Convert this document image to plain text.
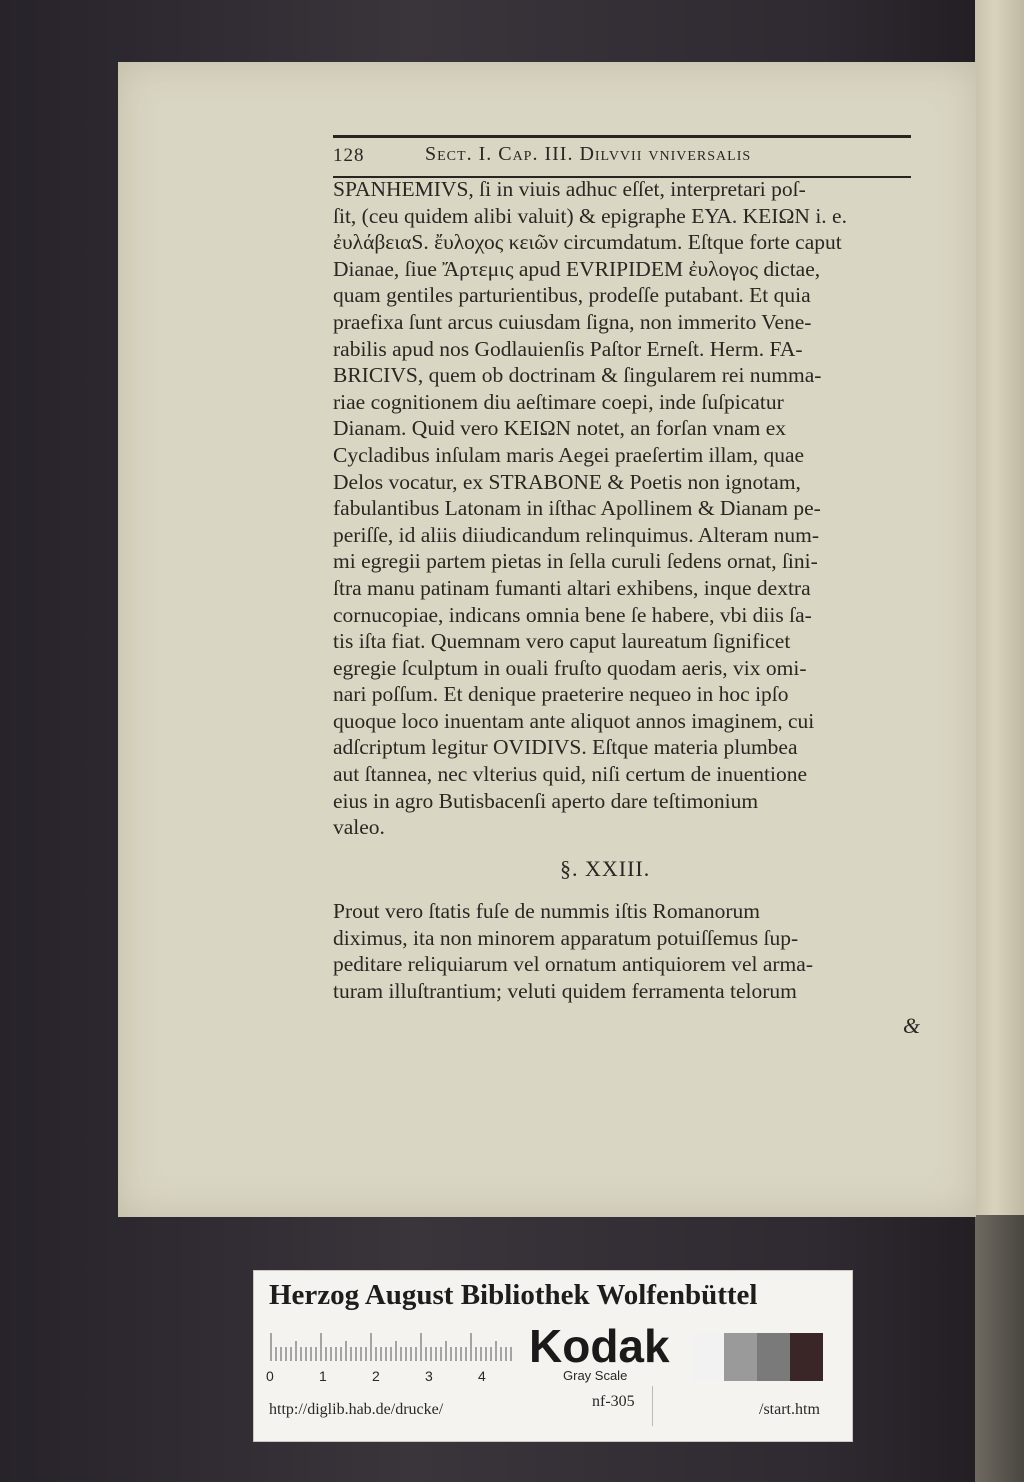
128	Sect. I. Cap. III. Dilvvii vniversalis
SPANHEMIVS, ſi in viuis adhuc eſſet, interpretari poſ-
ſit, (ceu quidem alibi valuit) & epigraphe ΕΥΑ. ΚΕΙΩΝ i. e.
ἐυλάβειαS. ἔυλοχος κειῶν circumdatum. Eſtque forte caput
Dianae, ſiue Ἄρτεμις apud EVRIPIDEM ἐυλογος dictae,
quam gentiles parturientibus, prodeſſe putabant. Et quia
praefixa ſunt arcus cuiusdam ſigna, non immerito Vene-
rabilis apud nos Godlauienſis Paſtor Erneſt. Herm. FA-
BRICIVS, quem ob doctrinam & ſingularem rei numma-
riae cognitionem diu aeſtimare coepi, inde ſuſpicatur
Dianam. Quid vero ΚΕΙΩΝ notet, an forſan vnam ex
Cycladibus inſulam maris Aegei praeſertim illam, quae
Delos vocatur, ex STRABONE & Poetis non ignotam,
fabulantibus Latonam in iſthac Apollinem & Dianam pe-
periſſe, id aliis diiudicandum relinquimus. Alteram num-
mi egregii partem pietas in ſella curuli ſedens ornat, ſini-
ſtra manu patinam fumanti altari exhibens, inque dextra
cornucopiae, indicans omnia bene ſe habere, vbi diis ſa-
tis iſta fiat. Quemnam vero caput laureatum ſignificet
egregie ſculptum in ouali fruſto quodam aeris, vix omi-
nari poſſum. Et denique praeterire nequeo in hoc ipſo
quoque loco inuentam ante aliquot annos imaginem, cui
adſcriptum legitur OVIDIVS. Eſtque materia plumbea
aut ſtannea, nec vlterius quid, niſi certum de inuentione
eius in agro Butisbacenſi aperto dare teſtimonium
valeo.
§. XXIII.
Prout vero ſtatis fuſe de nummis iſtis Romanorum
diximus, ita non minorem apparatum potuiſſemus ſup-
peditare reliquiarum vel ornatum antiquiorem vel arma-
turam illuſtrantium; veluti quidem ferramenta telorum
&
Herzog August Bibliothek Wolfenbüttel
0	1	2	3	4
Kodak
Gray Scale
http://diglib.hab.de/drucke/	nf-305	/start.htm
